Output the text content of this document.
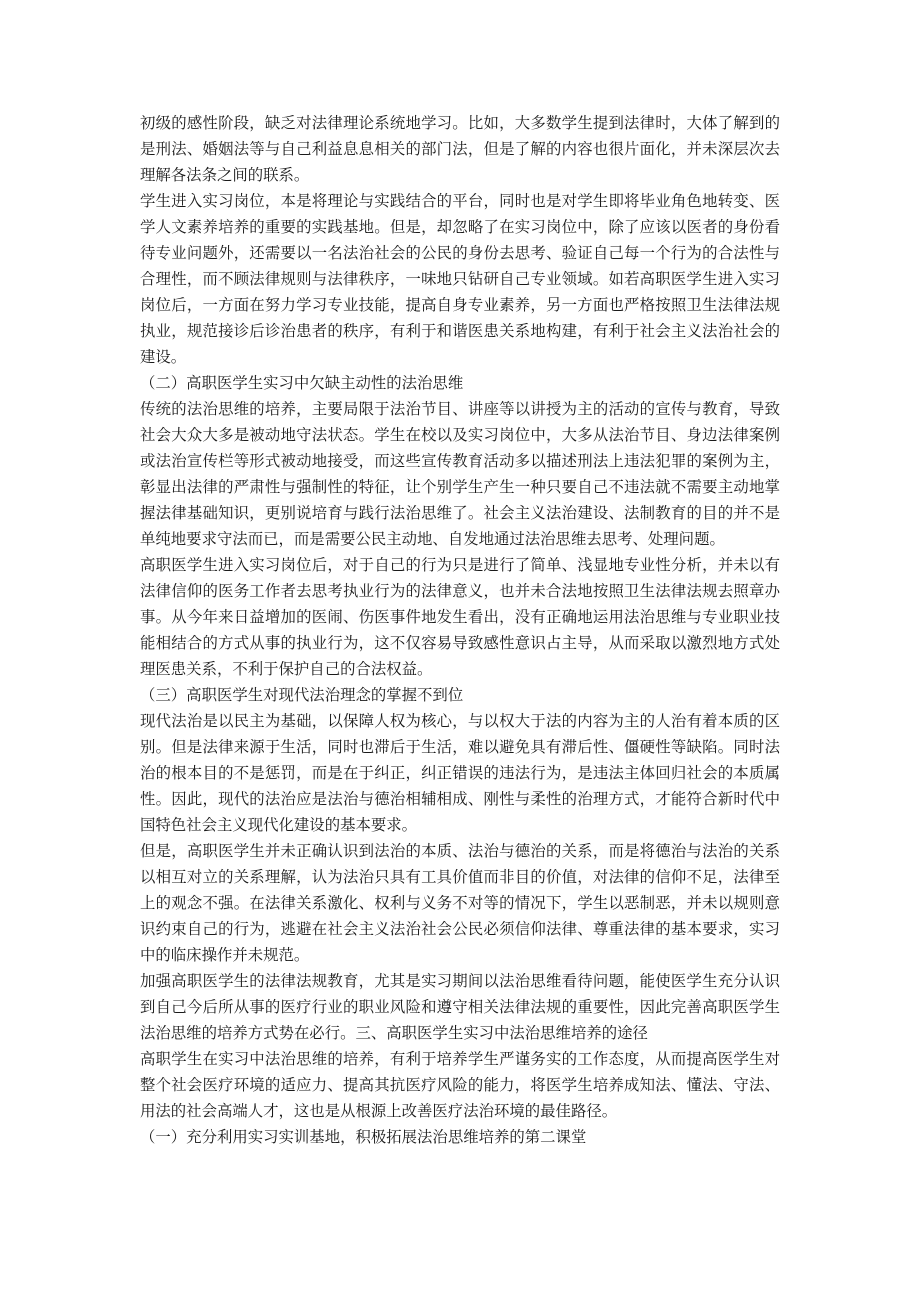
初级的感性阶段，缺乏对法律理论系统地学习。比如，大多数学生提到法律时，大体了解到的是刑法、婚姻法等与自己利益息息相关的部门法，但是了解的内容也很片面化，并未深层次去理解各法条之间的联系。

学生进入实习岗位，本是将理论与实践结合的平台，同时也是对学生即将毕业角色地转变、医学人文素养培养的重要的实践基地。但是，却忽略了在实习岗位中，除了应该以医者的身份看待专业问题外，还需要以一名法治社会的公民的身份去思考、验证自己每一个行为的合法性与合理性，而不顾法律规则与法律秩序，一味地只钻研自己专业领域。如若高职医学生进入实习岗位后，一方面在努力学习专业技能，提高自身专业素养，另一方面也严格按照卫生法律法规执业，规范接诊后诊治患者的秩序，有利于和谐医患关系地构建，有利于社会主义法治社会的建设。

（二）高职医学生实习中欠缺主动性的法治思维

传统的法治思维的培养，主要局限于法治节目、讲座等以讲授为主的活动的宣传与教育，导致社会大众大多是被动地守法状态。学生在校以及实习岗位中，大多从法治节目、身边法律案例或法治宣传栏等形式被动地接受，而这些宣传教育活动多以描述刑法上违法犯罪的案例为主，彰显出法律的严肃性与强制性的特征，让个别学生产生一种只要自己不违法就不需要主动地掌握法律基础知识，更别说培育与践行法治思维了。社会主义法治建设、法制教育的目的并不是单纯地要求守法而已，而是需要公民主动地、自发地通过法治思维去思考、处理问题。

高职医学生进入实习岗位后，对于自己的行为只是进行了简单、浅显地专业性分析，并未以有法律信仰的医务工作者去思考执业行为的法律意义，也并未合法地按照卫生法律法规去照章办事。从今年来日益增加的医闹、伤医事件地发生看出，没有正确地运用法治思维与专业职业技能相结合的方式从事的执业行为，这不仅容易导致感性意识占主导，从而采取以激烈地方式处理医患关系，不利于保护自己的合法权益。

（三）高职医学生对现代法治理念的掌握不到位

现代法治是以民主为基础，以保障人权为核心，与以权大于法的内容为主的人治有着本质的区别。但是法律来源于生活，同时也滞后于生活，难以避免具有滞后性、僵硬性等缺陷。同时法治的根本目的不是惩罚，而是在于纠正，纠正错误的违法行为，是违法主体回归社会的本质属性。因此，现代的法治应是法治与德治相辅相成、刚性与柔性的治理方式，才能符合新时代中国特色社会主义现代化建设的基本要求。

但是，高职医学生并未正确认识到法治的本质、法治与德治的关系，而是将德治与法治的关系以相互对立的关系理解，认为法治只具有工具价值而非目的价值，对法律的信仰不足，法律至上的观念不强。在法律关系激化、权利与义务不对等的情况下，学生以恶制恶，并未以规则意识约束自己的行为，逃避在社会主义法治社会公民必须信仰法律、尊重法律的基本要求，实习中的临床操作并未规范。

加强高职医学生的法律法规教育，尤其是实习期间以法治思维看待问题，能使医学生充分认识到自己今后所从事的医疗行业的职业风险和遵守相关法律法规的重要性，因此完善高职医学生法治思维的培养方式势在必行。三、高职医学生实习中法治思维培养的途径

高职学生在实习中法治思维的培养，有利于培养学生严谨务实的工作态度，从而提高医学生对整个社会医疗环境的适应力、提高其抗医疗风险的能力，将医学生培养成知法、懂法、守法、用法的社会高端人才，这也是从根源上改善医疗法治环境的最佳路径。

（一）充分利用实习实训基地，积极拓展法治思维培养的第二课堂
